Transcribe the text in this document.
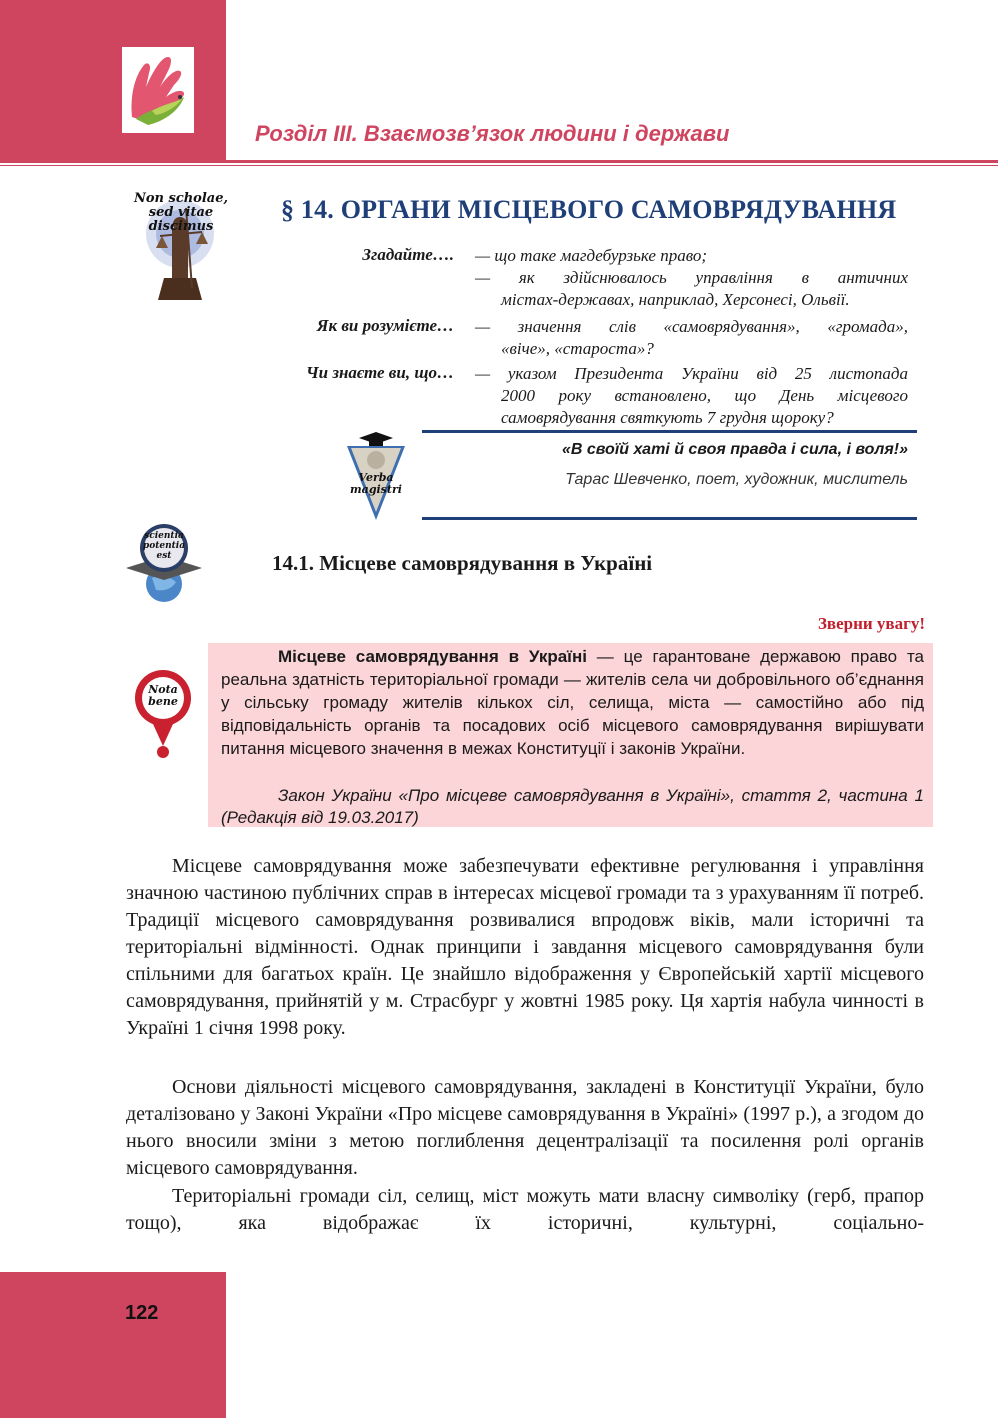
Розділ ІІІ. Взаємозв’язок людини і держави
Non scholae, sed vitae discimus
§ 14. ОРГАНИ МІСЦЕВОГО САМОВРЯДУВАННЯ
Згадайте…. — що таке магдебурзьке право;
— як здійснювалось управління в античних
містах-державах, наприклад, Херсонесі, Ольвії.
Як ви розумієте… — значення слів «самоврядування», «громада»,
«віче», «староста»?
Чи знаєте ви, що… — указом Президента України від 25 листопада
2000 року встановлено, що День місцевого
самоврядування святкують 7 грудня щороку?
Verba magistri
«В своїй хаті й своя правда і сила, і воля!»
Тарас Шевченко, поет, художник, мислитель
scientia potentia est	14.1. Місцеве самоврядування в Україні
Зверни увагу!
Nota bene
Місцеве самоврядування в Україні — це гарантоване державою право та реальна здатність територіальної громади — жителів села чи добровільного об’єднання у сільську громаду жителів кількох сіл, селища, міста — самостійно або під відповідальність органів та посадових осіб місцевого самоврядування вирішувати питання місцевого значення в межах Конституції і законів України.
Закон України «Про місцеве самоврядування в Україні», стаття 2, частина 1 (Редакція від 19.03.2017)

Місцеве самоврядування може забезпечувати ефективне регулювання і управління значною частиною публічних справ в інтересах місцевої громади та з урахуванням її потреб. Традиції місцевого самоврядування розвивалися впродовж віків, мали історичні та територіальні відмінності. Однак принципи і завдання місцевого самоврядування були спільними для багатьох країн. Це знайшло відображення у Європейській хартії місцевого самоврядування, прийнятій у м. Страсбург у жовтні 1985 року. Ця хартія набула чинності в Україні 1 січня 1998 року.

Основи діяльності місцевого самоврядування, закладені в Конституції України, було деталізовано у Законі України «Про місцеве самоврядування в Україні» (1997 р.), а згодом до нього вносили зміни з метою поглиблення децентралізації та посилення ролі органів місцевого самоврядування.

Територіальні громади сіл, селищ, міст можуть мати власну символіку (герб, прапор тощо), яка відображає їх історичні, культурні, соціально-

122
